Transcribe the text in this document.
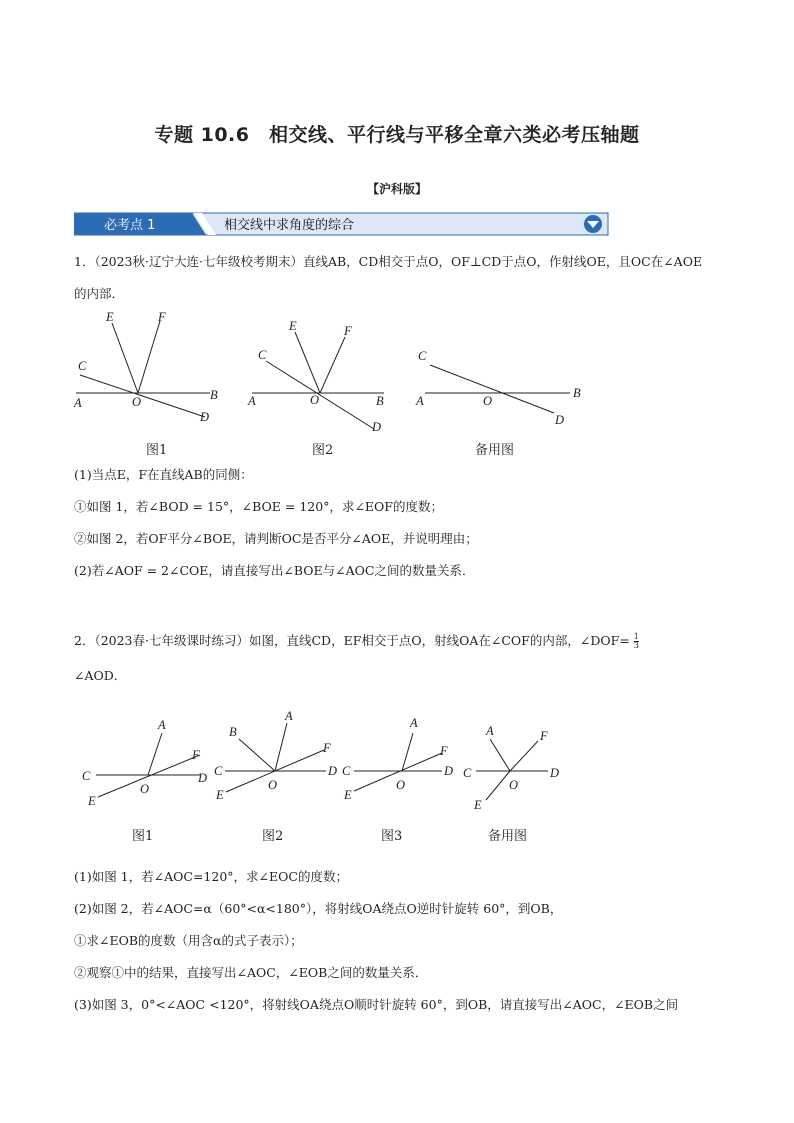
专题 10.6　相交线、平行线与平移全章六类必考压轴题
【沪科版】
必考点 1	相交线中求角度的综合
1．（2023秋·辽宁大连·七年级校考期末）直线AB，CD相交于点O，OF⊥CD于点O，作射线OE，且OC在∠AOE
的内部．
E	F
C
A	O	B
D
E	F
C
A	O	B
D
C
A	O
B
D
图1	图2	备用图
(1)当点E，F在直线AB的同侧：
①如图 1，若∠BOD = 15°，∠BOE = 120°，求∠EOF的度数；
②如图 2，若OF平分∠BOE，请判断OC是否平分∠AOE，并说明理由；
(2)若∠AOF = 2∠COE，请直接写出∠BOE与∠AOC之间的数量关系．
2．（2023春·七年级课时练习）如图，直线CD，EF相交于点O，射线OA在∠COF的内部，∠DOF= $\frac{1}{3}$
∠AOD．
A
F
C	D
E
O
B
A
F
C	D
E
O
A
F
C	D
E
O
A	F
C	D
E
O
图1	图2	图3	备用图
(1)如图 1，若∠AOC=120°，求∠EOC的度数；
(2)如图 2，若∠AOC=α（60°<α<180°），将射线OA绕点O逆时针旋转 60°，到OB，
①求∠EOB的度数（用含α的式子表示）；
②观察①中的结果，直接写出∠AOC，∠EOB之间的数量关系．
(3)如图 3，0°<∠AOC <120°，将射线OA绕点O顺时针旋转 60°，到OB，请直接写出∠AOC，∠EOB之间
